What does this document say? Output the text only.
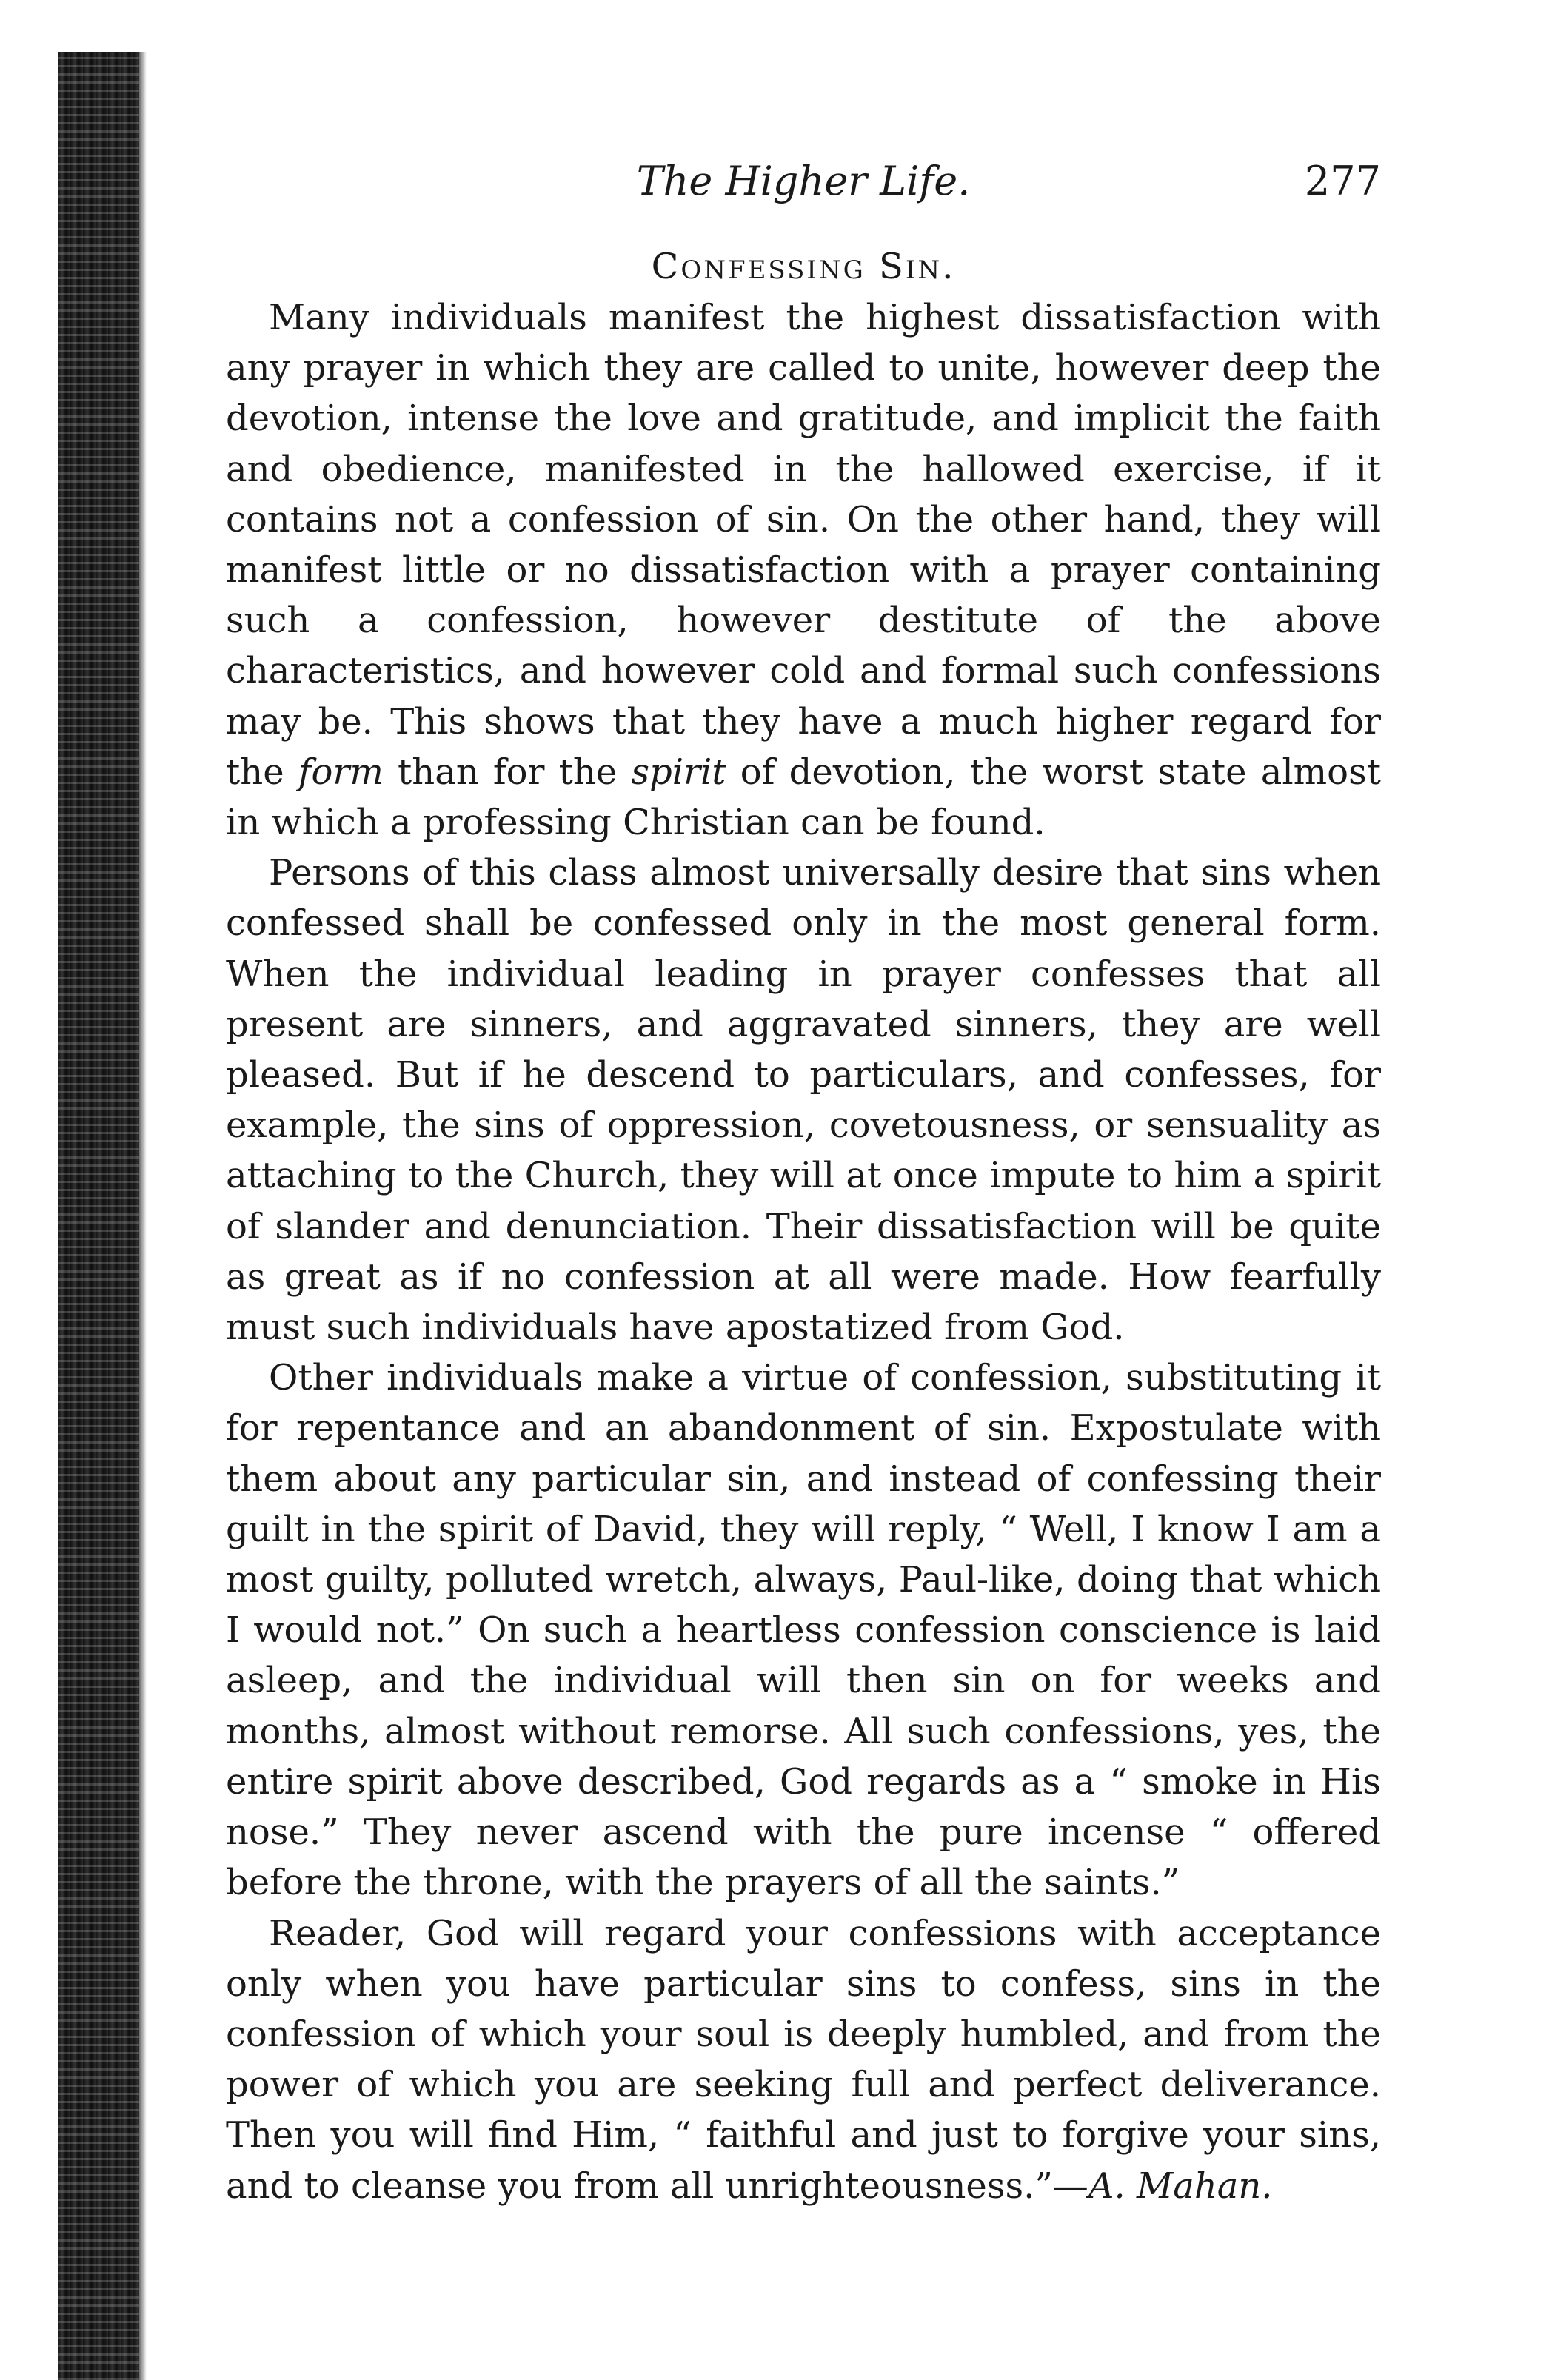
The Higher Life.	277
Confessing Sin.

Many individuals manifest the highest dissatisfaction with any prayer in which they are called to unite, however deep the devotion, intense the love and gratitude, and implicit the faith and obedience, manifested in the hallowed exercise, if it contains not a confession of sin. On the other hand, they will manifest little or no dissatisfaction with a prayer containing such a confession, however destitute of the above characteristics, and however cold and formal such confessions may be. This shows that they have a much higher regard for the form than for the spirit of devotion, the worst state almost in which a professing Christian can be found.

Persons of this class almost universally desire that sins when confessed shall be confessed only in the most general form. When the individual leading in prayer confesses that all present are sinners, and aggravated sinners, they are well pleased. But if he descend to particulars, and confesses, for example, the sins of oppression, covetousness, or sensuality as attaching to the Church, they will at once impute to him a spirit of slander and denunciation. Their dissatisfaction will be quite as great as if no confession at all were made. How fearfully must such individuals have apostatized from God.

Other individuals make a virtue of confession, substituting it for repentance and an abandonment of sin. Expostulate with them about any particular sin, and instead of confessing their guilt in the spirit of David, they will reply, “ Well, I know I am a most guilty, polluted wretch, always, Paul-like, doing that which I would not.” On such a heartless confession conscience is laid asleep, and the individual will then sin on for weeks and months, almost without remorse. All such confessions, yes, the entire spirit above described, God regards as a “ smoke in His nose.” They never ascend with the pure incense “ offered before the throne, with the prayers of all the saints.”

Reader, God will regard your confessions with acceptance only when you have particular sins to confess, sins in the confession of which your soul is deeply humbled, and from the power of which you are seeking full and perfect deliverance. Then you will find Him, “ faithful and just to forgive your sins, and to cleanse you from all unrighteousness.”—A. Mahan.
